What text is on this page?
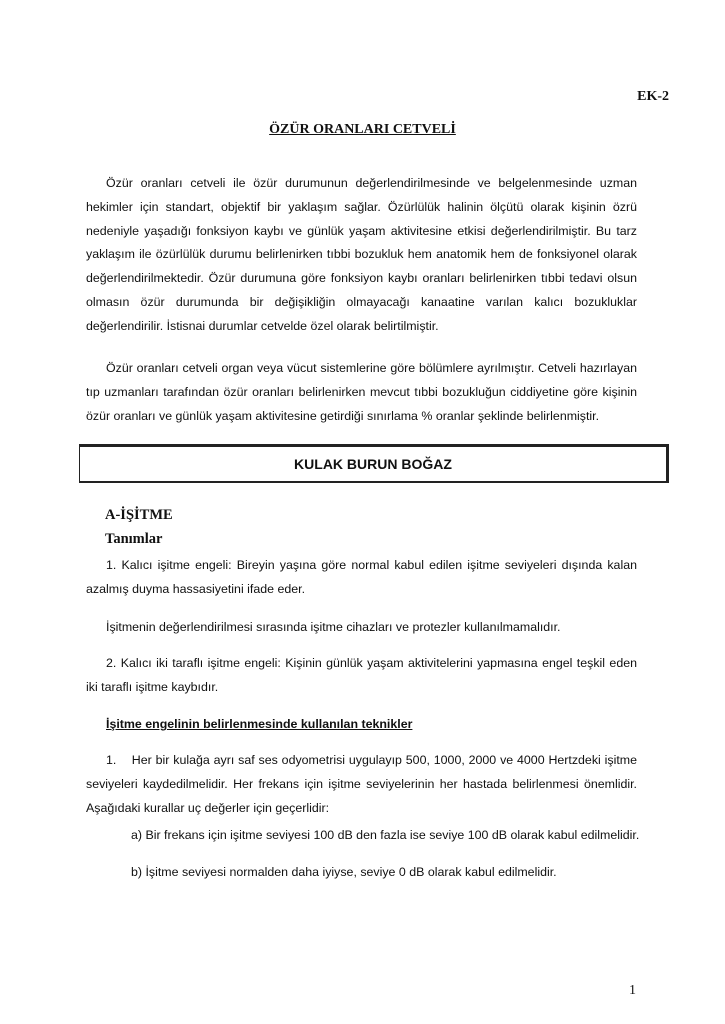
EK-2
ÖZÜR ORANLARI CETVELİ

Özür oranları cetveli ile özür durumunun değerlendirilmesinde ve belgelenmesinde uzman hekimler için standart, objektif bir yaklaşım sağlar. Özürlülük halinin ölçütü olarak kişinin özrü nedeniyle yaşadığı fonksiyon kaybı ve günlük yaşam aktivitesine etkisi değerlendirilmiştir. Bu tarz yaklaşım ile özürlülük durumu belirlenirken tıbbi bozukluk hem anatomik hem de fonksiyonel olarak değerlendirilmektedir. Özür durumuna göre fonksiyon kaybı oranları belirlenirken tıbbi tedavi olsun olmasın özür durumunda bir değişikliğin olmayacağı kanaatine varılan kalıcı bozukluklar değerlendirilir. İstisnai durumlar cetvelde özel olarak belirtilmiştir.

Özür oranları cetveli organ veya vücut sistemlerine göre bölümlere ayrılmıştır. Cetveli hazırlayan tıp uzmanları tarafından özür oranları belirlenirken mevcut tıbbi bozukluğun ciddiyetine göre kişinin özür oranları ve günlük yaşam aktivitesine getirdiği sınırlama % oranlar şeklinde belirlenmiştir.

KULAK BURUN BOĞAZ
A-İŞİTME
Tanımlar

1. Kalıcı işitme engeli: Bireyin yaşına göre normal kabul edilen işitme seviyeleri dışında kalan azalmış duyma hassasiyetini ifade eder.

İşitmenin değerlendirilmesi sırasında işitme cihazları ve protezler kullanılmamalıdır.

2. Kalıcı iki taraflı işitme engeli: Kişinin günlük yaşam aktivitelerini yapmasına engel teşkil eden iki taraflı işitme kaybıdır.

İşitme engelinin belirlenmesinde kullanılan teknikler

1.    Her bir kulağa ayrı saf ses odyometrisi uygulayıp 500, 1000, 2000 ve 4000 Hertzdeki işitme seviyeleri kaydedilmelidir. Her frekans için işitme seviyelerinin her hastada belirlenmesi önemlidir. Aşağıdaki kurallar uç değerler için geçerlidir:

a) Bir frekans için işitme seviyesi 100 dB den fazla ise seviye 100 dB olarak kabul edilmelidir.
b) İşitme seviyesi normalden daha iyiyse, seviye 0 dB olarak kabul edilmelidir.
1
